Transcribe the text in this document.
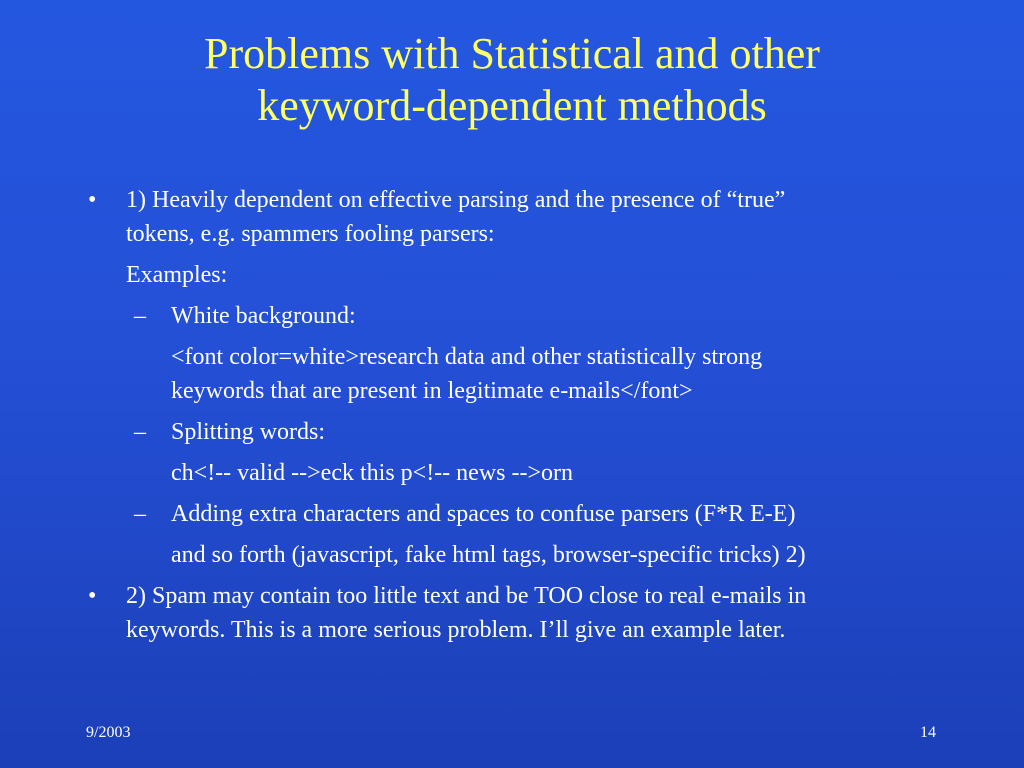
Problems with Statistical and other
keyword-dependent methods
• 1) Heavily dependent on effective parsing and the presence of “true”
tokens, e.g. spammers fooling parsers:
Examples:
– White background:
<font color=white>research data and other statistically strong
keywords that are present in legitimate e-mails</font>
– Splitting words:
ch<!-- valid -->eck this p<!-- news -->orn
– Adding extra characters and spaces to confuse parsers (F*R E-E)
and so forth (javascript, fake html tags, browser-specific tricks) 2)
• 2) Spam may contain too little text and be TOO close to real e-mails in
keywords. This is a more serious problem. I’ll give an example later.
9/2003	14
